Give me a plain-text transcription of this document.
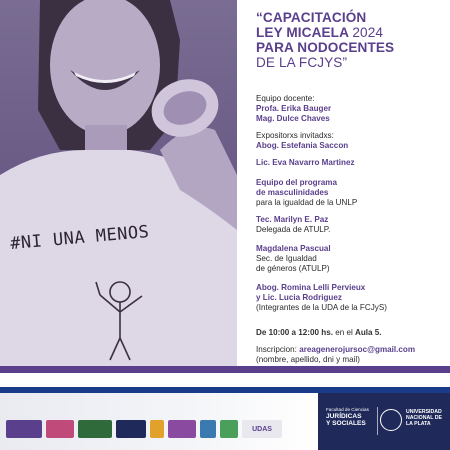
#NI UNA MENOS
“CAPACITACIÓN
LEY MICAELA 2024
PARA NODOCENTES
DE LA FCJYS”
Equipo docente:
Profa. Erika Bauger
Mag. Dulce Chaves
Expositorxs invitadxs:
Abog. Estefania Saccon
Lic. Eva Navarro Martinez
Equipo del programa
de masculinidades
para la igualdad de la UNLP
Tec. Marilyn E. Paz
Delegada de ATULP.
Magdalena Pascual
Sec. de Igualdad
de géneros (ATULP)
Abog. Romina Lelli Pervieux
y Lic. Lucia Rodriguez
(Integrantes de la UDA de la FCJyS)
De 10:00 a 12:00 hs. en el Aula 5.
Inscripcion: areagenerojursoc@gmail.com
(nombre, apellido, dni y mail)
UDAS
Facultad de Ciencias
JURÍDICAS
Y SOCIALES
UNIVERSIDAD NACIONAL DE LA PLATA
